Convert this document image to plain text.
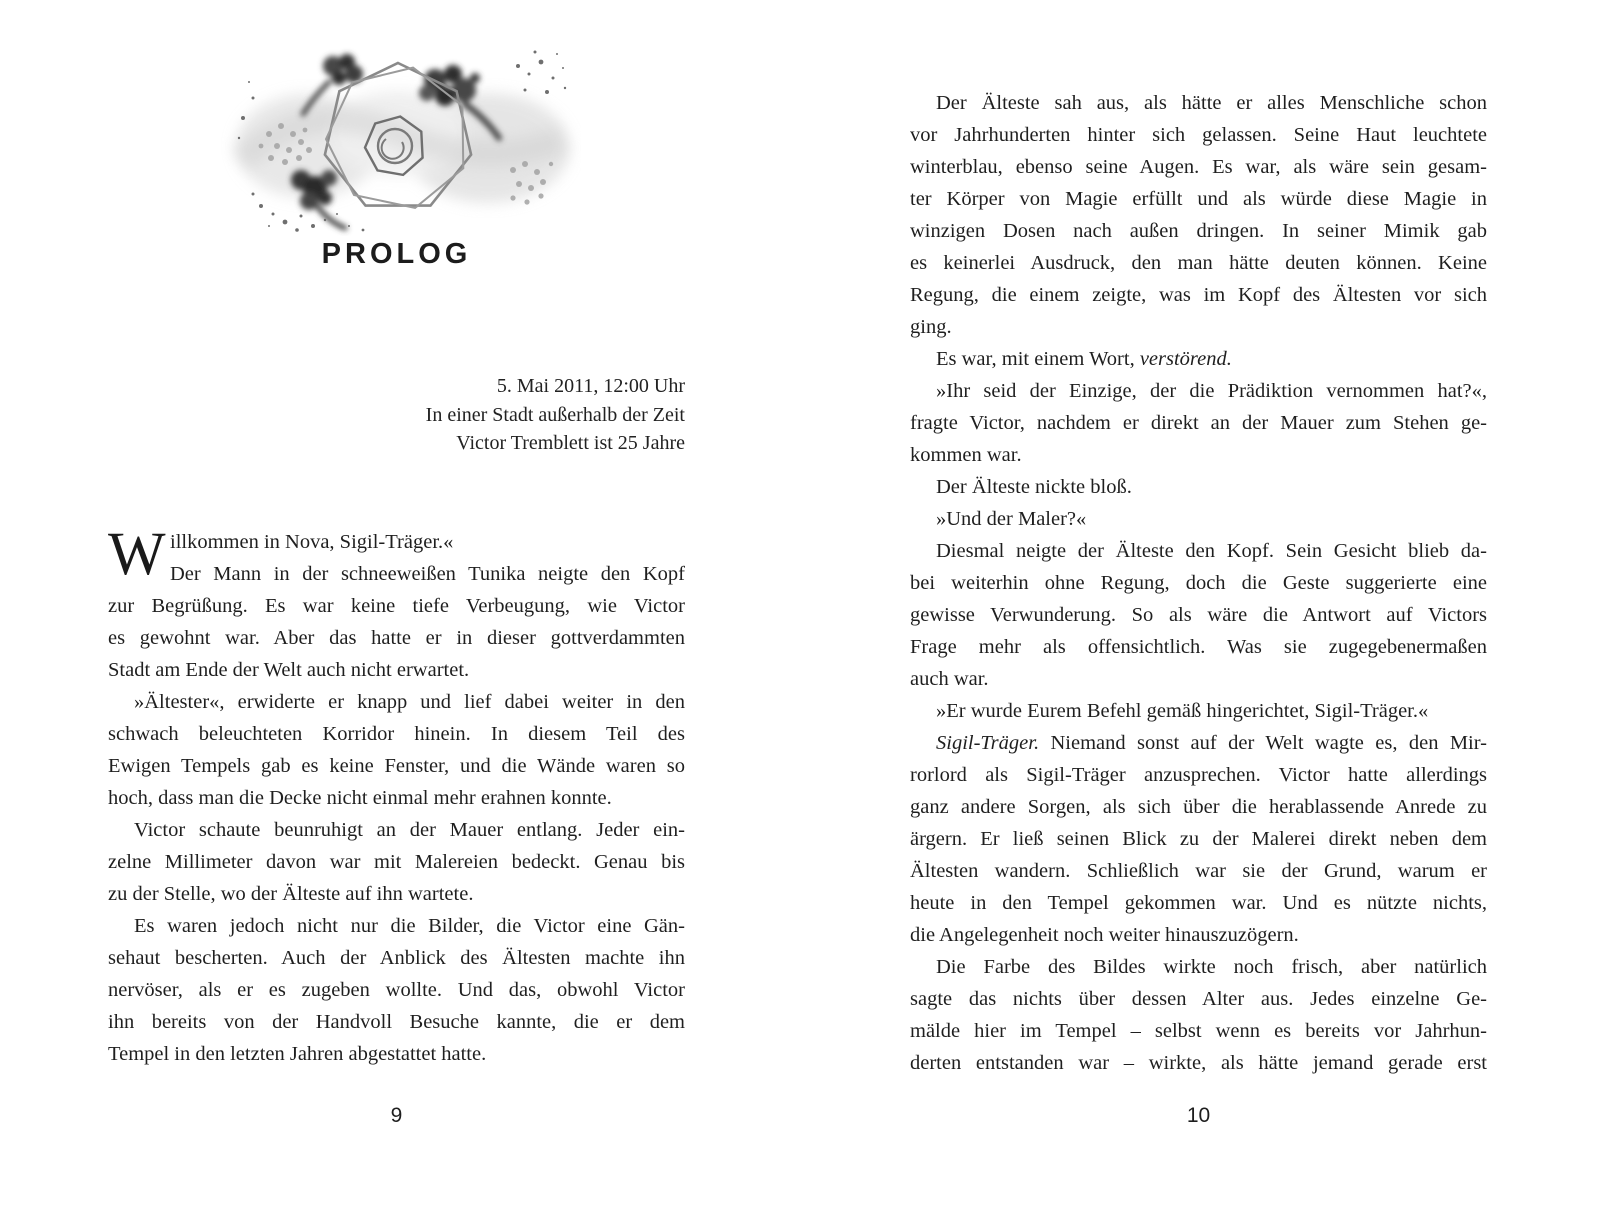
PROLOG
5. Mai 2011, 12:00 Uhr
In einer Stadt außerhalb der Zeit
Victor Tremblett ist 25 Jahre
W illkommen in Nova, Sigil-Träger.«
Der Mann in der schneeweißen Tunika neigte den Kopf
zur Begrüßung. Es war keine tiefe Verbeugung, wie Victor
es gewohnt war. Aber das hatte er in dieser gottverdammten
Stadt am Ende der Welt auch nicht erwartet.
»Ältester«, erwiderte er knapp und lief dabei weiter in den
schwach beleuchteten Korridor hinein. In diesem Teil des
Ewigen Tempels gab es keine Fenster, und die Wände waren so
hoch, dass man die Decke nicht einmal mehr erahnen konnte.
Victor schaute beunruhigt an der Mauer entlang. Jeder ein-
zelne Millimeter davon war mit Malereien bedeckt. Genau bis
zu der Stelle, wo der Älteste auf ihn wartete.
Es waren jedoch nicht nur die Bilder, die Victor eine Gän-
sehaut bescherten. Auch der Anblick des Ältesten machte ihn
nervöser, als er es zugeben wollte. Und das, obwohl Victor
ihn bereits von der Handvoll Besuche kannte, die er dem
Tempel in den letzten Jahren abgestattet hatte.
9
Der Älteste sah aus, als hätte er alles Menschliche schon
vor Jahrhunderten hinter sich gelassen. Seine Haut leuchtete
winterblau, ebenso seine Augen. Es war, als wäre sein gesam-
ter Körper von Magie erfüllt und als würde diese Magie in
winzigen Dosen nach außen dringen. In seiner Mimik gab
es keinerlei Ausdruck, den man hätte deuten können. Keine
Regung, die einem zeigte, was im Kopf des Ältesten vor sich
ging.
Es war, mit einem Wort, verstörend.
»Ihr seid der Einzige, der die Prädiktion vernommen hat?«,
fragte Victor, nachdem er direkt an der Mauer zum Stehen ge-
kommen war.
Der Älteste nickte bloß.
»Und der Maler?«
Diesmal neigte der Älteste den Kopf. Sein Gesicht blieb da-
bei weiterhin ohne Regung, doch die Geste suggerierte eine
gewisse Verwunderung. So als wäre die Antwort auf Victors
Frage mehr als offensichtlich. Was sie zugegebenermaßen
auch war.
»Er wurde Eurem Befehl gemäß hingerichtet, Sigil-Träger.«
Sigil-Träger. Niemand sonst auf der Welt wagte es, den Mir-
rorlord als Sigil-Träger anzusprechen. Victor hatte allerdings
ganz andere Sorgen, als sich über die herablassende Anrede zu
ärgern. Er ließ seinen Blick zu der Malerei direkt neben dem
Ältesten wandern. Schließlich war sie der Grund, warum er
heute in den Tempel gekommen war. Und es nützte nichts,
die Angelegenheit noch weiter hinauszuzögern.
Die Farbe des Bildes wirkte noch frisch, aber natürlich
sagte das nichts über dessen Alter aus. Jedes einzelne Ge-
mälde hier im Tempel – selbst wenn es bereits vor Jahrhun-
derten entstanden war – wirkte, als hätte jemand gerade erst
10
